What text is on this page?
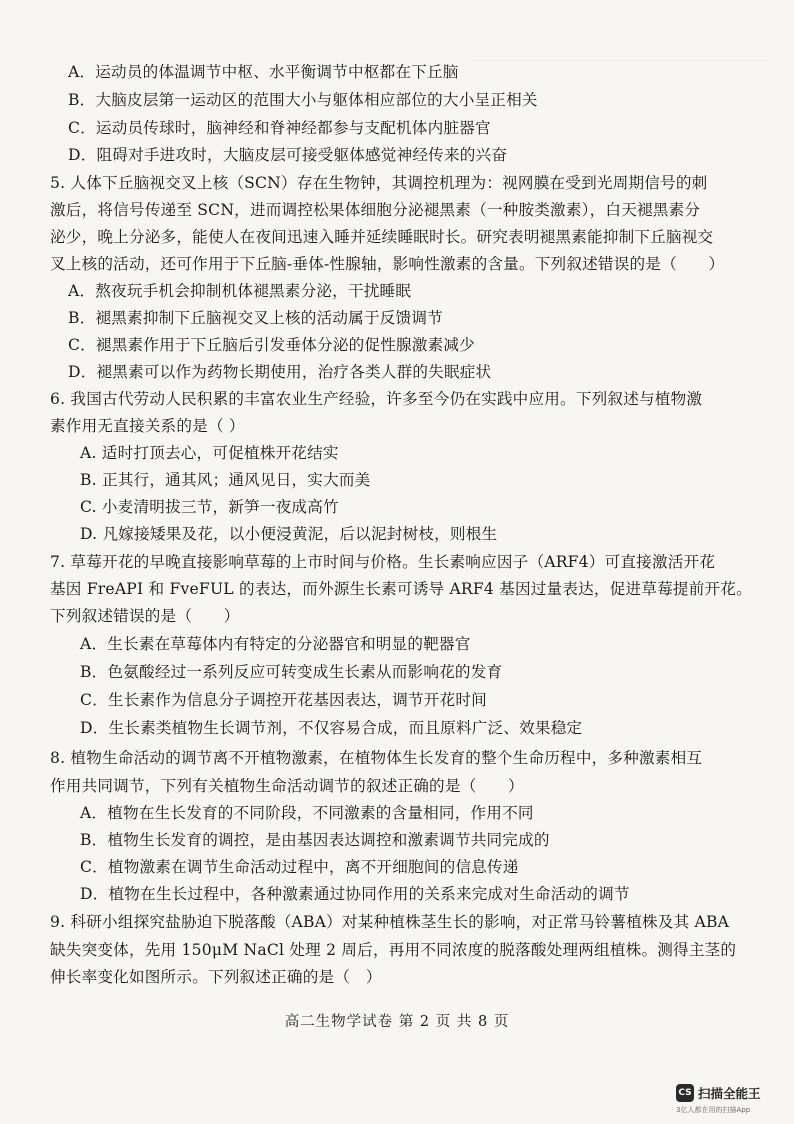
A．运动员的体温调节中枢、水平衡调节中枢都在下丘脑
B．大脑皮层第一运动区的范围大小与躯体相应部位的大小呈正相关
C．运动员传球时，脑神经和脊神经都参与支配机体内脏器官
D．阻碍对手进攻时，大脑皮层可接受躯体感觉神经传来的兴奋
5. 人体下丘脑视交叉上核（SCN）存在生物钟，其调控机理为：视网膜在受到光周期信号的刺
激后，将信号传递至 SCN，进而调控松果体细胞分泌褪黑素（一种胺类激素），白天褪黑素分
泌少，晚上分泌多，能使人在夜间迅速入睡并延续睡眠时长。研究表明褪黑素能抑制下丘脑视交
叉上核的活动，还可作用于下丘脑-垂体-性腺轴，影响性激素的含量。下列叙述错误的是（　　）
A．熬夜玩手机会抑制机体褪黑素分泌，干扰睡眠
B．褪黑素抑制下丘脑视交叉上核的活动属于反馈调节
C．褪黑素作用于下丘脑后引发垂体分泌的促性腺激素减少
D．褪黑素可以作为药物长期使用，治疗各类人群的失眠症状
6. 我国古代劳动人民积累的丰富农业生产经验，许多至今仍在实践中应用。下列叙述与植物激
素作用无直接关系的是（ ）
A. 适时打顶去心，可促植株开花结实
B. 正其行，通其风；通风见日，实大而美
C. 小麦清明拔三节，新笋一夜成高竹
D. 凡嫁接矮果及花，以小便浸黄泥，后以泥封树枝，则根生
7. 草莓开花的早晚直接影响草莓的上市时间与价格。生长素响应因子（ARF4）可直接激活开花
基因 FreAPI 和 FveFUL 的表达，而外源生长素可诱导 ARF4 基因过量表达，促进草莓提前开花。
下列叙述错误的是（　　）
A．生长素在草莓体内有特定的分泌器官和明显的靶器官
B．色氨酸经过一系列反应可转变成生长素从而影响花的发育
C．生长素作为信息分子调控开花基因表达，调节开花时间
D．生长素类植物生长调节剂，不仅容易合成，而且原料广泛、效果稳定
8. 植物生命活动的调节离不开植物激素，在植物体生长发育的整个生命历程中，多种激素相互
作用共同调节，下列有关植物生命活动调节的叙述正确的是（　　）
A．植物在生长发育的不同阶段，不同激素的含量相同，作用不同
B．植物生长发育的调控，是由基因表达调控和激素调节共同完成的
C．植物激素在调节生命活动过程中，离不开细胞间的信息传递
D．植物在生长过程中，各种激素通过协同作用的关系来完成对生命活动的调节
9. 科研小组探究盐胁迫下脱落酸（ABA）对某种植株茎生长的影响，对正常马铃薯植株及其 ABA
缺失突变体，先用 150μM NaCl 处理 2 周后，再用不同浓度的脱落酸处理两组植株。测得主茎的
伸长率变化如图所示。下列叙述正确的是（　）
高二生物学试卷 第 2 页 共 8 页
CS 扫描全能王
3亿人都在用的扫描App
